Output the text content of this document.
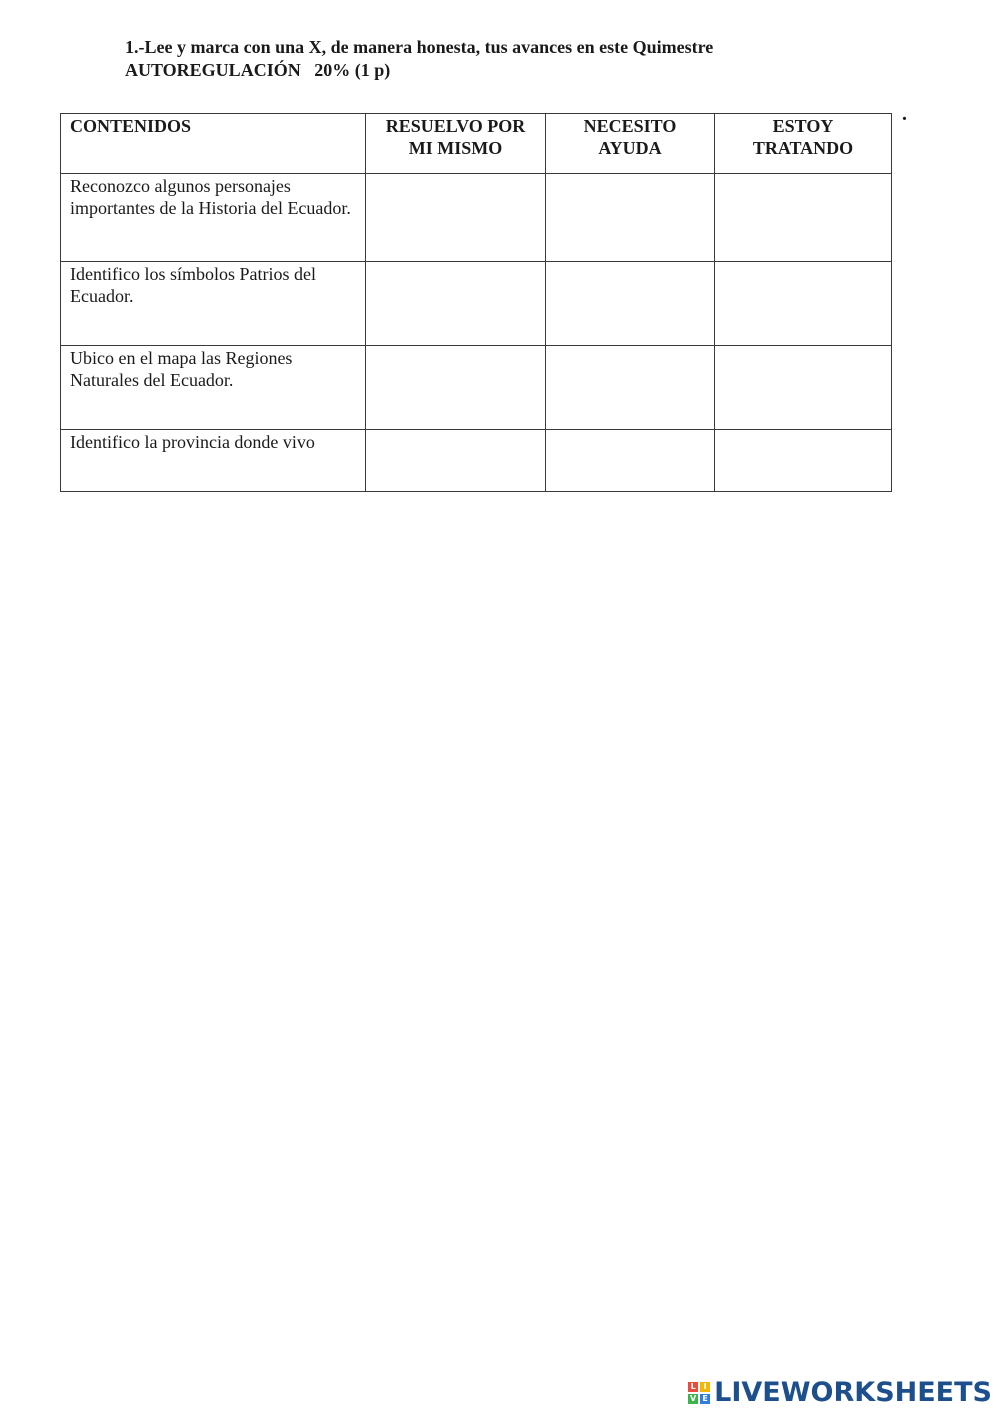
1.-Lee y marca con una X, de manera honesta, tus avances en este Quimestre
AUTOREGULACIÓN   20% (1 p)
.
CONTENIDOS	RESUELVO POR MI MISMO	NECESITO AYUDA	ESTOY TRATANDO
Reconozco algunos personajes importantes de la Historia del Ecuador.			
Identifico los símbolos Patrios del Ecuador.			
Ubico en el mapa las Regiones Naturales del Ecuador.			
Identifico la provincia donde vivo			
L I
V E LIVEWORKSHEETS
